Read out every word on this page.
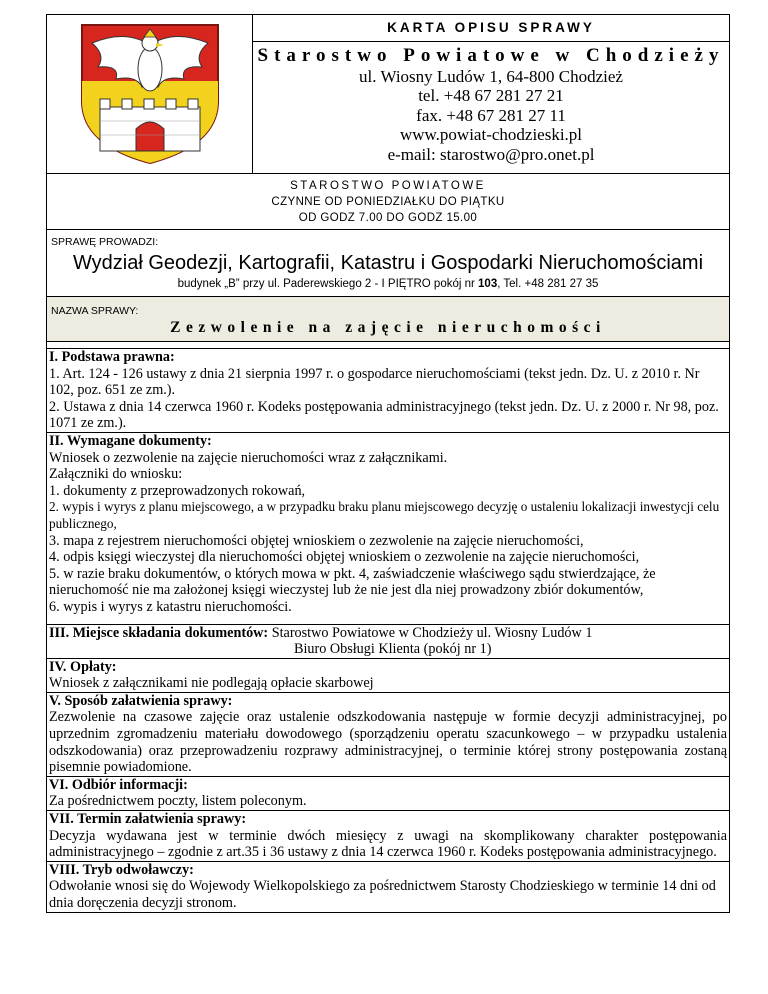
KARTA OPISU SPRAWY
Starostwo Powiatowe w Chodzieży
ul. Wiosny Ludów 1, 64-800 Chodzież
tel. +48 67 281 27 21
fax. +48 67 281 27 11
www.powiat-chodzieski.pl
e-mail: starostwo@pro.onet.pl
STAROSTWO POWIATOWE
CZYNNE OD PONIEDZIAŁKU DO PIĄTKU
OD GODZ 7.00 DO GODZ 15.00
SPRAWĘ PROWADZI:
Wydział Geodezji, Kartografii, Katastru i Gospodarki Nieruchomościami
budynek „B” przy ul. Paderewskiego 2 - I PIĘTRO pokój nr 103, Tel. +48 281 27 35
NAZWA SPRAWY:
Zezwolenie na zajęcie nieruchomości
I. Podstawa prawna:
1. Art. 124 - 126 ustawy z dnia 21 sierpnia 1997 r. o gospodarce nieruchomościami (tekst jedn. Dz. U. z 2010 r. Nr 102, poz. 651 ze zm.).
2. Ustawa z dnia 14 czerwca 1960 r. Kodeks postępowania administracyjnego (tekst jedn. Dz. U. z 2000 r. Nr 98, poz. 1071 ze zm.).
II. Wymagane dokumenty:
Wniosek o zezwolenie na zajęcie nieruchomości wraz z załącznikami.
Załączniki do wniosku:
1. dokumenty z przeprowadzonych rokowań,
2. wypis i wyrys z planu miejscowego, a w przypadku braku planu miejscowego decyzję o ustaleniu lokalizacji inwestycji celu publicznego,
3. mapa z rejestrem nieruchomości objętej wnioskiem o zezwolenie na zajęcie nieruchomości,
4. odpis księgi wieczystej dla nieruchomości objętej wnioskiem o zezwolenie na zajęcie nieruchomości,
5. w razie braku dokumentów, o których mowa w pkt. 4, zaświadczenie właściwego sądu stwierdzające, że nieruchomość nie ma założonej księgi wieczystej lub że nie jest dla niej prowadzony zbiór dokumentów,
6. wypis i wyrys z katastru nieruchomości.
III. Miejsce składania dokumentów: Starostwo Powiatowe w Chodzieży ul. Wiosny Ludów 1
Biuro Obsługi Klienta (pokój nr 1)
IV. Opłaty:
Wniosek z załącznikami nie podlegają opłacie skarbowej
V. Sposób załatwienia sprawy:
Zezwolenie na czasowe zajęcie oraz ustalenie odszkodowania następuje w formie decyzji administracyjnej, po uprzednim zgromadzeniu materiału dowodowego (sporządzeniu operatu szacunkowego – w przypadku ustalenia odszkodowania) oraz przeprowadzeniu rozprawy administracyjnej, o terminie której strony postępowania zostaną pisemnie powiadomione.
VI. Odbiór informacji:
Za pośrednictwem poczty, listem poleconym.
VII. Termin załatwienia sprawy:
Decyzja wydawana jest w terminie dwóch miesięcy z uwagi na skomplikowany charakter postępowania administracyjnego – zgodnie z art.35 i 36 ustawy z dnia 14 czerwca 1960 r. Kodeks postępowania administracyjnego.
VIII. Tryb odwoławczy:
Odwołanie wnosi się do Wojewody Wielkopolskiego za pośrednictwem Starosty Chodzieskiego w terminie 14 dni od dnia doręczenia decyzji stronom.
